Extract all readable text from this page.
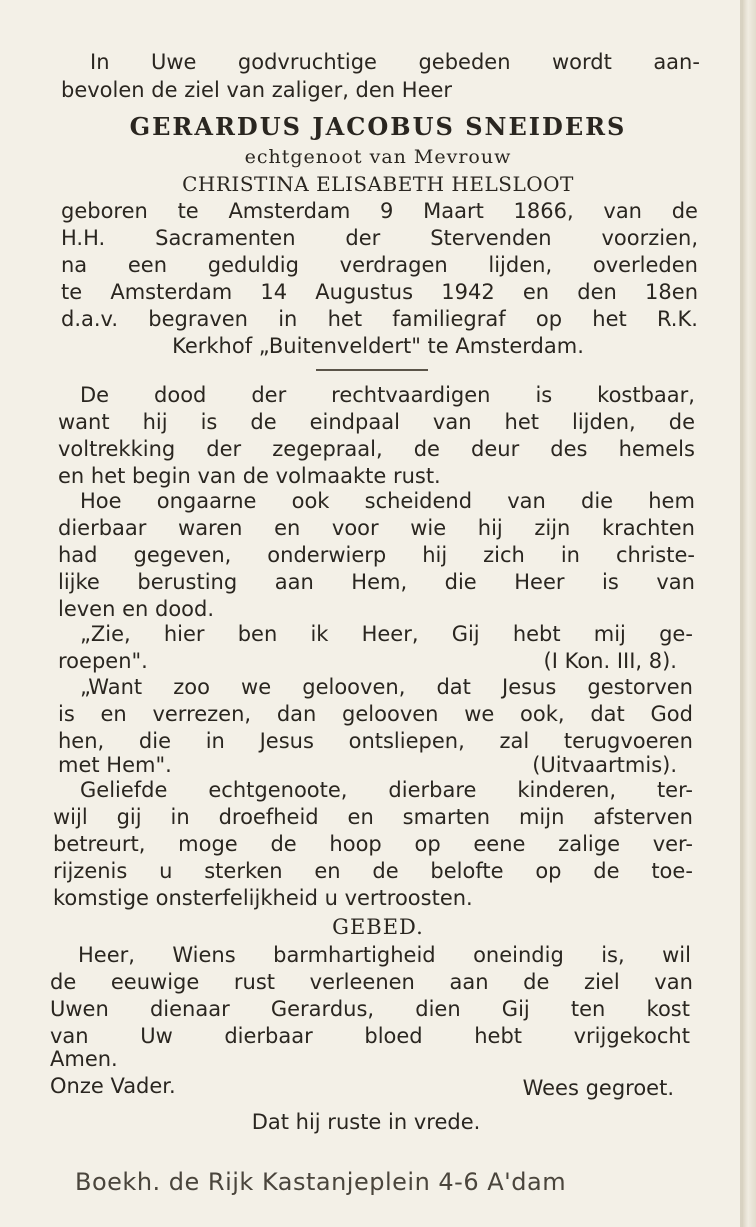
In Uwe godvruchtige gebeden wordt aan-
bevolen de ziel van zaliger, den Heer
GERARDUS JACOBUS SNEIDERS
echtgenoot van Mevrouw
CHRISTINA ELISABETH HELSLOOT
geboren te Amsterdam 9 Maart 1866, van de
H.H. Sacramenten der Stervenden voorzien,
na een geduldig verdragen lijden, overleden
te Amsterdam 14 Augustus 1942 en den 18en
d.a.v. begraven in het familiegraf op het R.K.
Kerkhof „Buitenveldert" te Amsterdam.
De dood der rechtvaardigen is kostbaar,
want hij is de eindpaal van het lijden, de
voltrekking der zegepraal, de deur des hemels
en het begin van de volmaakte rust.
Hoe ongaarne ook scheidend van die hem
dierbaar waren en voor wie hij zijn krachten
had gegeven, onderwierp hij zich in christe-
lijke berusting aan Hem, die Heer is van
leven en dood.
„Zie, hier ben ik Heer, Gij hebt mij ge-
roepen".	(I Kon. III, 8).
„Want zoo we gelooven, dat Jesus gestorven
is en verrezen, dan gelooven we ook, dat God
hen, die in Jesus ontsliepen, zal terugvoeren
met Hem".	(Uitvaartmis).
Geliefde echtgenoote, dierbare kinderen, ter-
wijl gij in droefheid en smarten mijn afsterven
betreurt, moge de hoop op eene zalige ver-
rijzenis u sterken en de belofte op de toe-
komstige onsterfelijkheid u vertroosten.
GEBED.
Heer, Wiens barmhartigheid oneindig is, wil
de eeuwige rust verleenen aan de ziel van
Uwen dienaar Gerardus, dien Gij ten kost
van Uw dierbaar bloed hebt vrijgekocht
Amen.
Onze Vader.	Wees gegroet.
Dat hij ruste in vrede.
Boekh. de Rijk Kastanjeplein 4-6 A'dam
